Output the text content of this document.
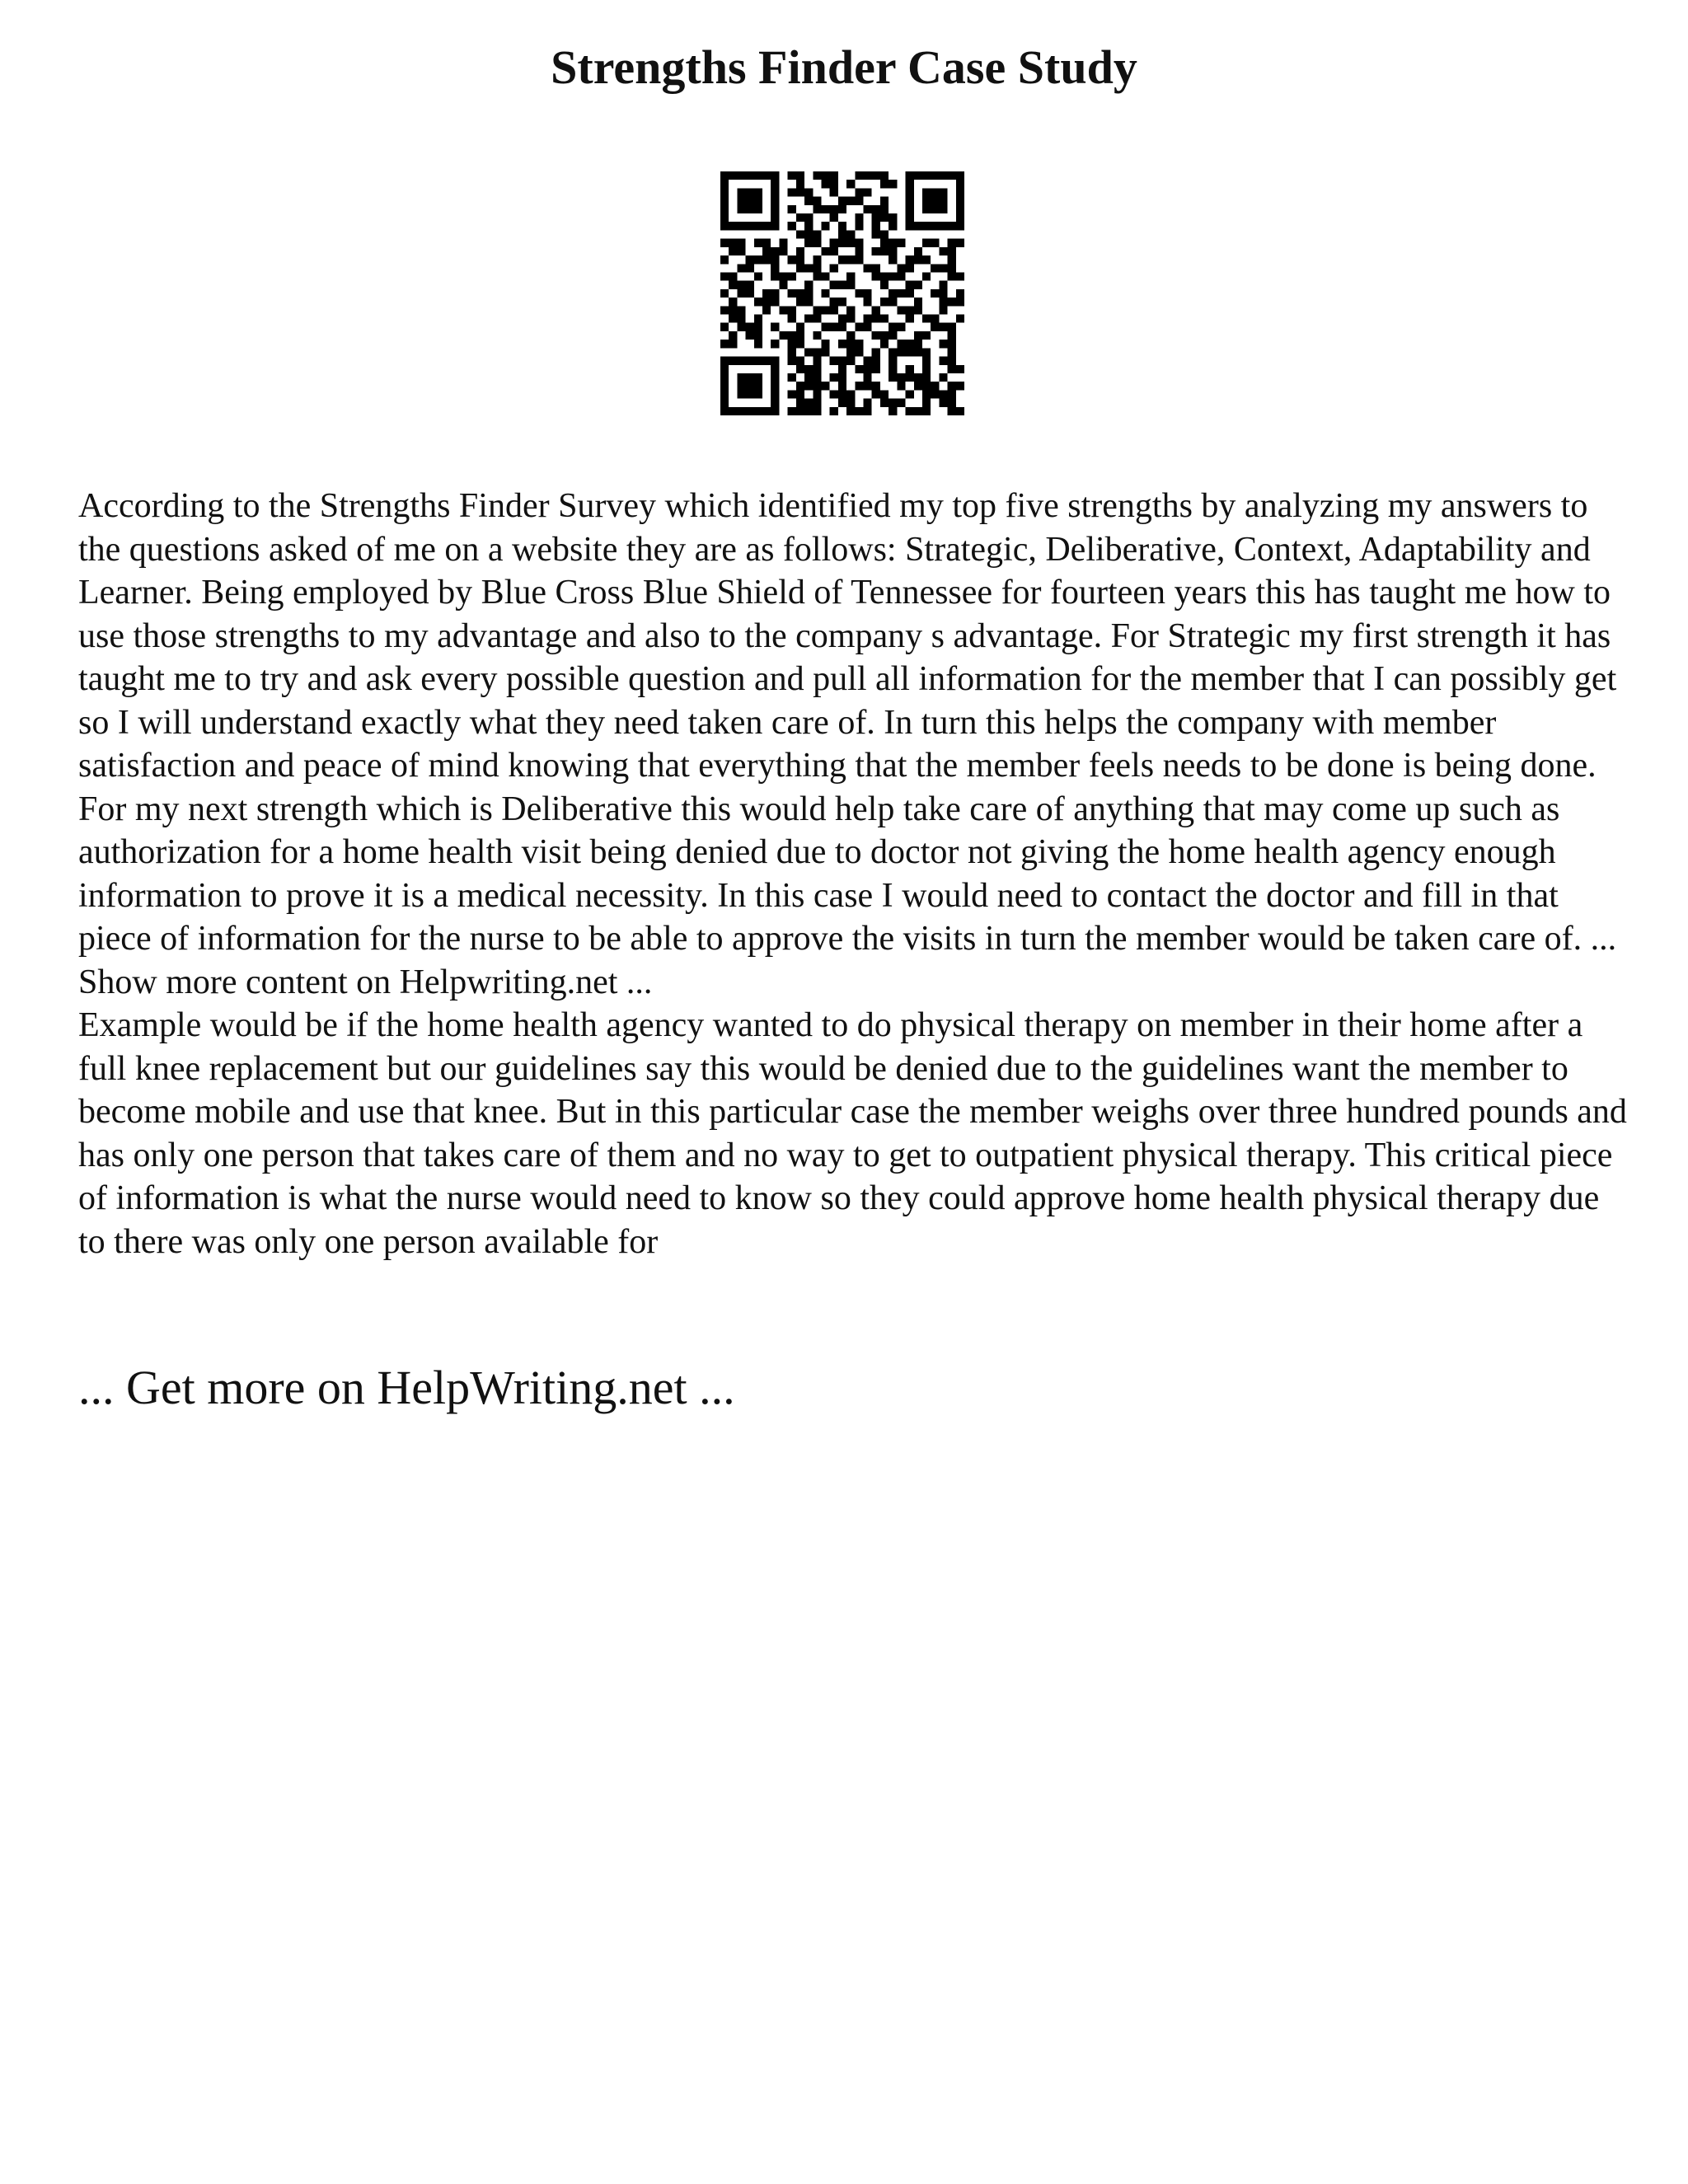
Strengths Finder Case Study

According to the Strengths Finder Survey which identified my top five strengths by analyzing my answers to the questions asked of me on a website they are as follows: Strategic, Deliberative, Context, Adaptability and Learner. Being employed by Blue Cross Blue Shield of Tennessee for fourteen years this has taught me how to use those strengths to my advantage and also to the company s advantage. For Strategic my first strength it has taught me to try and ask every possible question and pull all information for the member that I can possibly get so I will understand exactly what they need taken care of. In turn this helps the company with member satisfaction and peace of mind knowing that everything that the member feels needs to be done is being done. For my next strength which is Deliberative this would help take care of anything that may come up such as authorization for a home health visit being denied due to doctor not giving the home health agency enough information to prove it is a medical necessity. In this case I would need to contact the doctor and fill in that piece of information for the nurse to be able to approve the visits in turn the member would be taken care of. ... Show more content on Helpwriting.net ...

Example would be if the home health agency wanted to do physical therapy on member in their home after a full knee replacement but our guidelines say this would be denied due to the guidelines want the member to become mobile and use that knee. But in this particular case the member weighs over three hundred pounds and has only one person that takes care of them and no way to get to outpatient physical therapy. This critical piece of information is what the nurse would need to know so they could approve home health physical therapy due to there was only one person available for

... Get more on HelpWriting.net ...
